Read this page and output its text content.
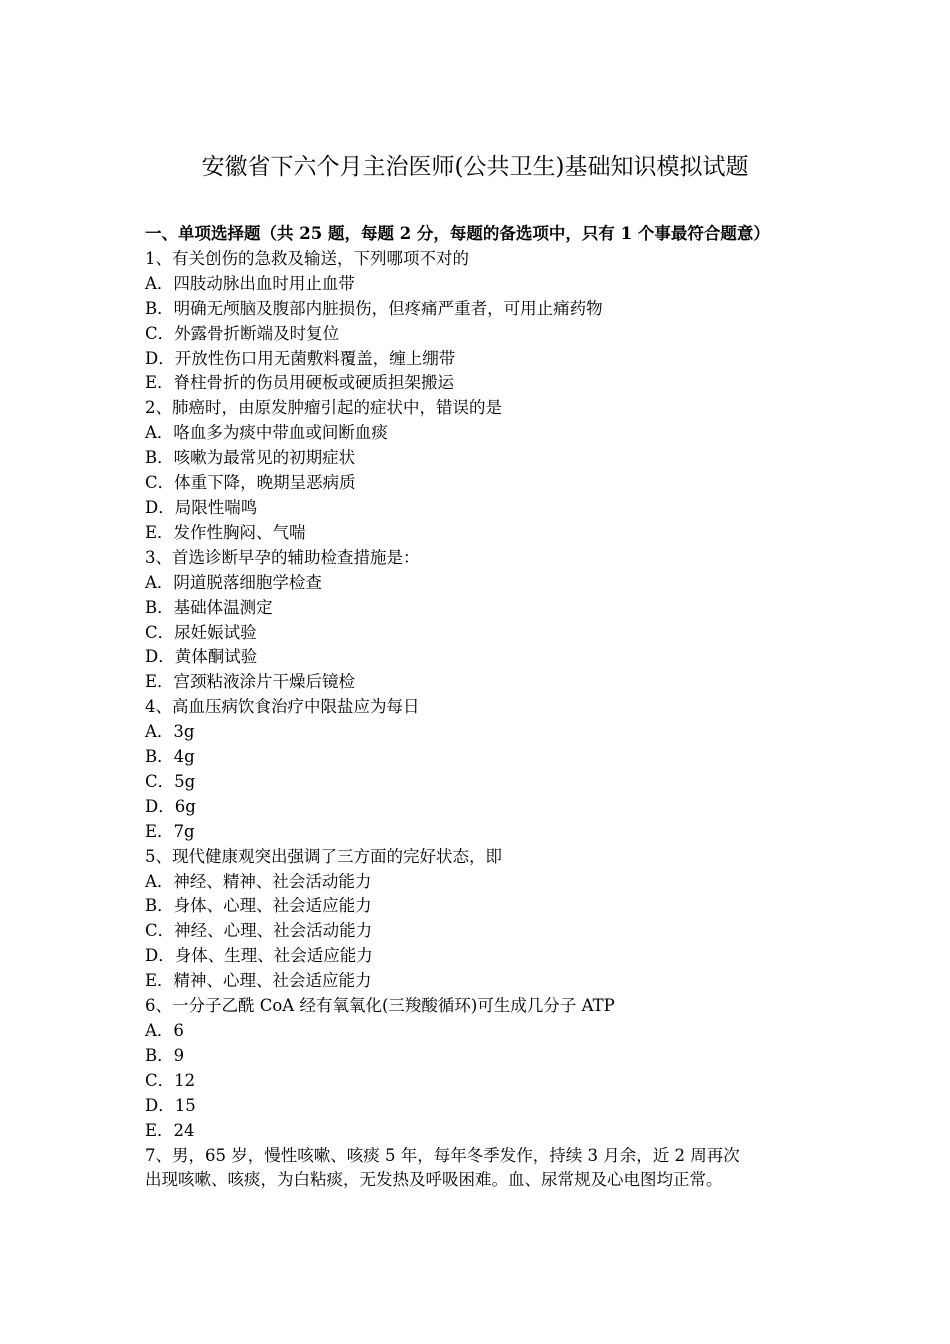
安徽省下六个月主治医师(公共卫生)基础知识模拟试题

一、单项选择题（共 25 题，每题 2 分，每题的备选项中，只有 1 个事最符合题意）

1、有关创伤的急救及输送，下列哪项不对的

A．四肢动脉出血时用止血带

B．明确无颅脑及腹部内脏损伤，但疼痛严重者，可用止痛药物

C．外露骨折断端及时复位

D．开放性伤口用无菌敷料覆盖，缠上绷带

E．脊柱骨折的伤员用硬板或硬质担架搬运

2、肺癌时，由原发肿瘤引起的症状中，错误的是

A．咯血多为痰中带血或间断血痰

B．咳嗽为最常见的初期症状

C．体重下降，晚期呈恶病质

D．局限性喘鸣

E．发作性胸闷、气喘

3、首选诊断早孕的辅助检查措施是：

A．阴道脱落细胞学检查

B．基础体温测定

C．尿妊娠试验

D．黄体酮试验

E．宫颈粘液涂片干燥后镜检

4、高血压病饮食治疗中限盐应为每日

A．3g

B．4g

C．5g

D．6g

E．7g

5、现代健康观突出强调了三方面的完好状态，即

A．神经、精神、社会活动能力

B．身体、心理、社会适应能力

C．神经、心理、社会活动能力

D．身体、生理、社会适应能力

E．精神、心理、社会适应能力

6、一分子乙酰 CoA 经有氧氧化(三羧酸循环)可生成几分子 ATP

A．6

B．9

C．12

D．15

E．24

7、男，65 岁，慢性咳嗽、咳痰 5 年，每年冬季发作，持续 3 月余，近 2 周再次

出现咳嗽、咳痰，为白粘痰，无发热及呼吸困难。血、尿常规及心电图均正常。
